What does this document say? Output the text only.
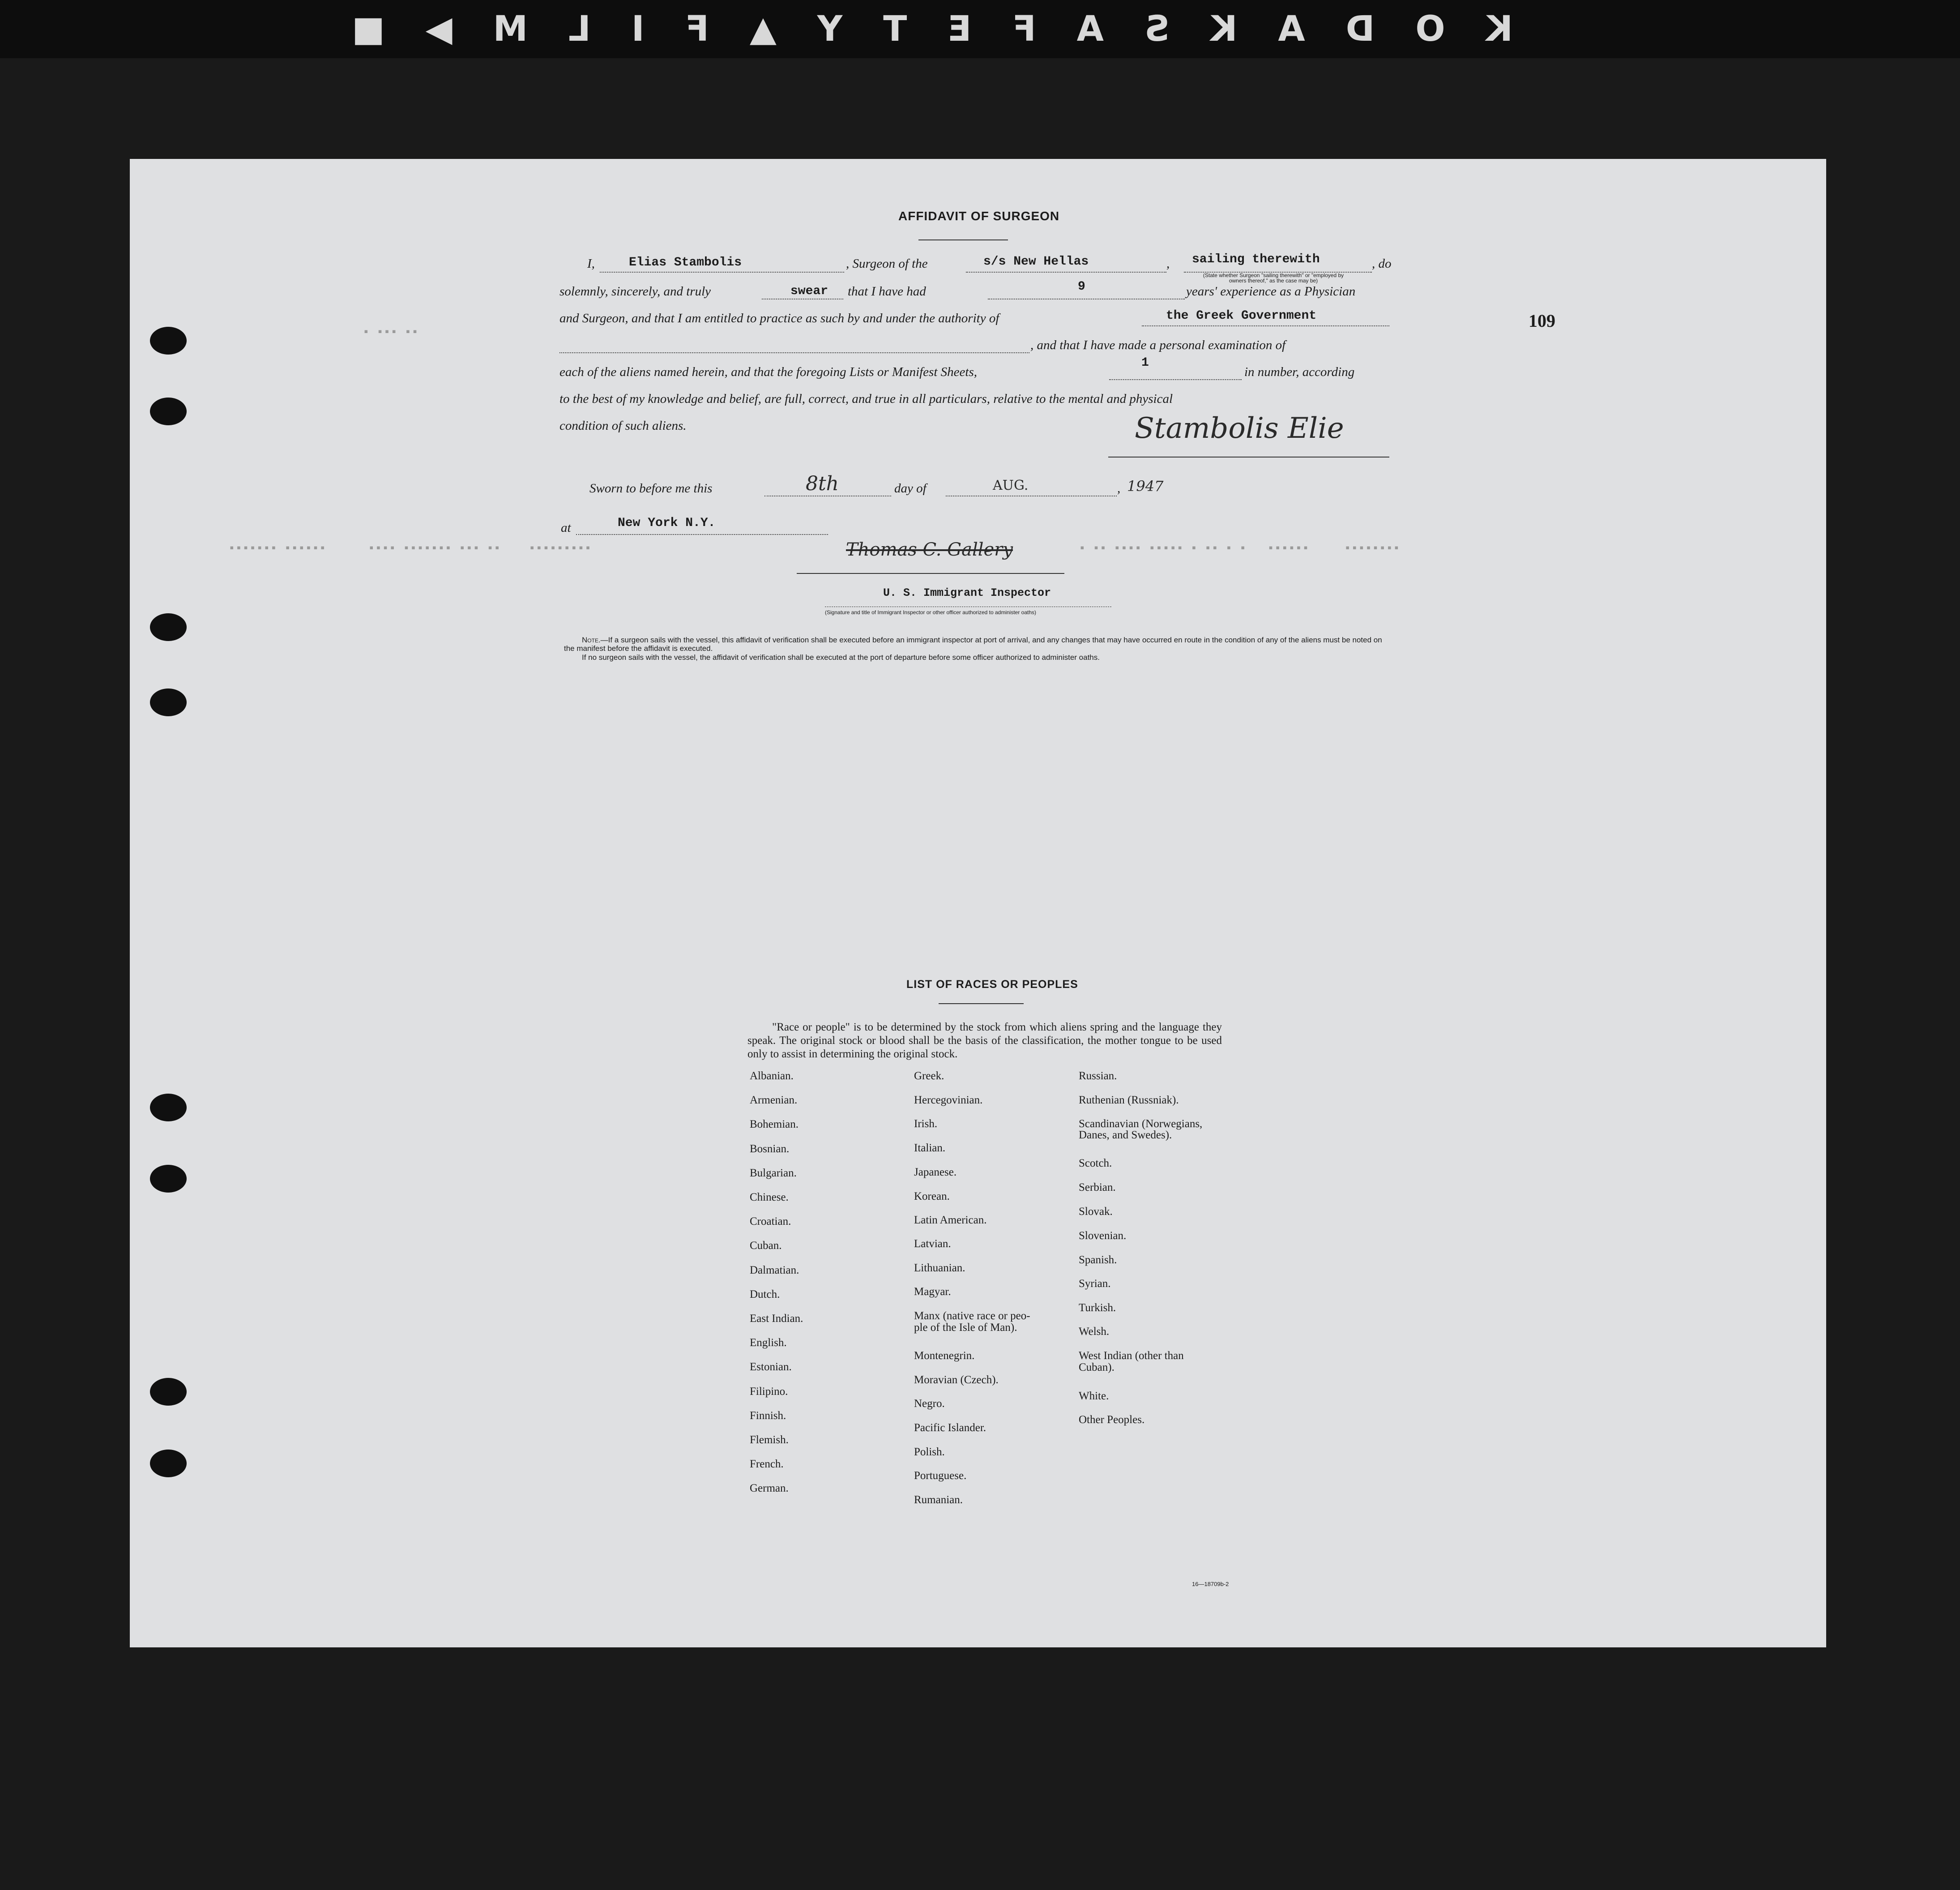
K
O
D
A
K
S
A
F
E
T
Y
▲
F
I
L
M
▶
■
▪ ▪▪▪ ▪▪
▪▪▪▪▪▪▪ ▪▪▪▪▪▪      ▪▪▪▪ ▪▪▪▪▪▪▪ ▪▪▪ ▪▪    ▪▪▪▪▪▪▪▪▪	▪ ▪▪ ▪▪▪▪ ▪▪▪▪▪ ▪ ▪▪ ▪ ▪   ▪▪▪▪▪▪     ▪▪▪▪▪▪▪▪
109
AFFIDAVIT OF SURGEON
I,	Elias Stambolis	, Surgeon of the	s/s New Hellas	, sailing therewith
(State whether Surgeon "sailing therewith" or "employed by owners thereof," as the case may be)
, do
solemnly, sincerely, and truly	swear that I have had	9	years' experience as a Physician
and Surgeon, and that I am entitled to practice as such by and under the authority of	the Greek Government
, and that I have made a personal examination of
each of the aliens named herein, and that the foregoing Lists or Manifest Sheets,
1
in number, according
to the best of my knowledge and belief, are full, correct, and true in all particulars, relative to the mental and physical
condition of such aliens.	Stambolis Elie
Sworn to before me this	8th	day of	AUG.	, 1947
at	New York N.Y.
Thomas C. Gallery
U. S. Immigrant Inspector
(Signature and title of Immigrant Inspector or other officer authorized to administer oaths)
Note.—If a surgeon sails with the vessel, this affidavit of verification shall be executed before an immigrant inspector at port of arrival, and any changes that may have occurred en route in the condition of any of the aliens must be noted on the manifest before the affidavit is executed.
If no surgeon sails with the vessel, the affidavit of verification shall be executed at the port of departure before some officer authorized to administer oaths.
LIST OF RACES OR PEOPLES
"Race or people" is to be determined by the stock from which aliens spring and the language they speak. The original stock or blood shall be the basis of the classification, the mother tongue to be used only to assist in determining the original stock.
Albanian.
Armenian.
Bohemian.
Bosnian.
Bulgarian.
Chinese.
Croatian.
Cuban.
Dalmatian.
Dutch.
East Indian.
English.
Estonian.
Filipino.
Finnish.
Flemish.
French.
German.
Greek.
Hercegovinian.
Irish.
Italian.
Japanese.
Korean.
Latin American.
Latvian.
Lithuanian.
Magyar.
Manx (native race or peo-
ple of the Isle of Man).
Montenegrin.
Moravian (Czech).
Negro.
Pacific Islander.
Polish.
Portuguese.
Rumanian.
Russian.
Ruthenian (Russniak).
Scandinavian (Norwegians,
Danes, and Swedes).
Scotch.
Serbian.
Slovak.
Slovenian.
Spanish.
Syrian.
Turkish.
Welsh.
West Indian (other than
Cuban).
White.
Other Peoples.
16—18709b-2
